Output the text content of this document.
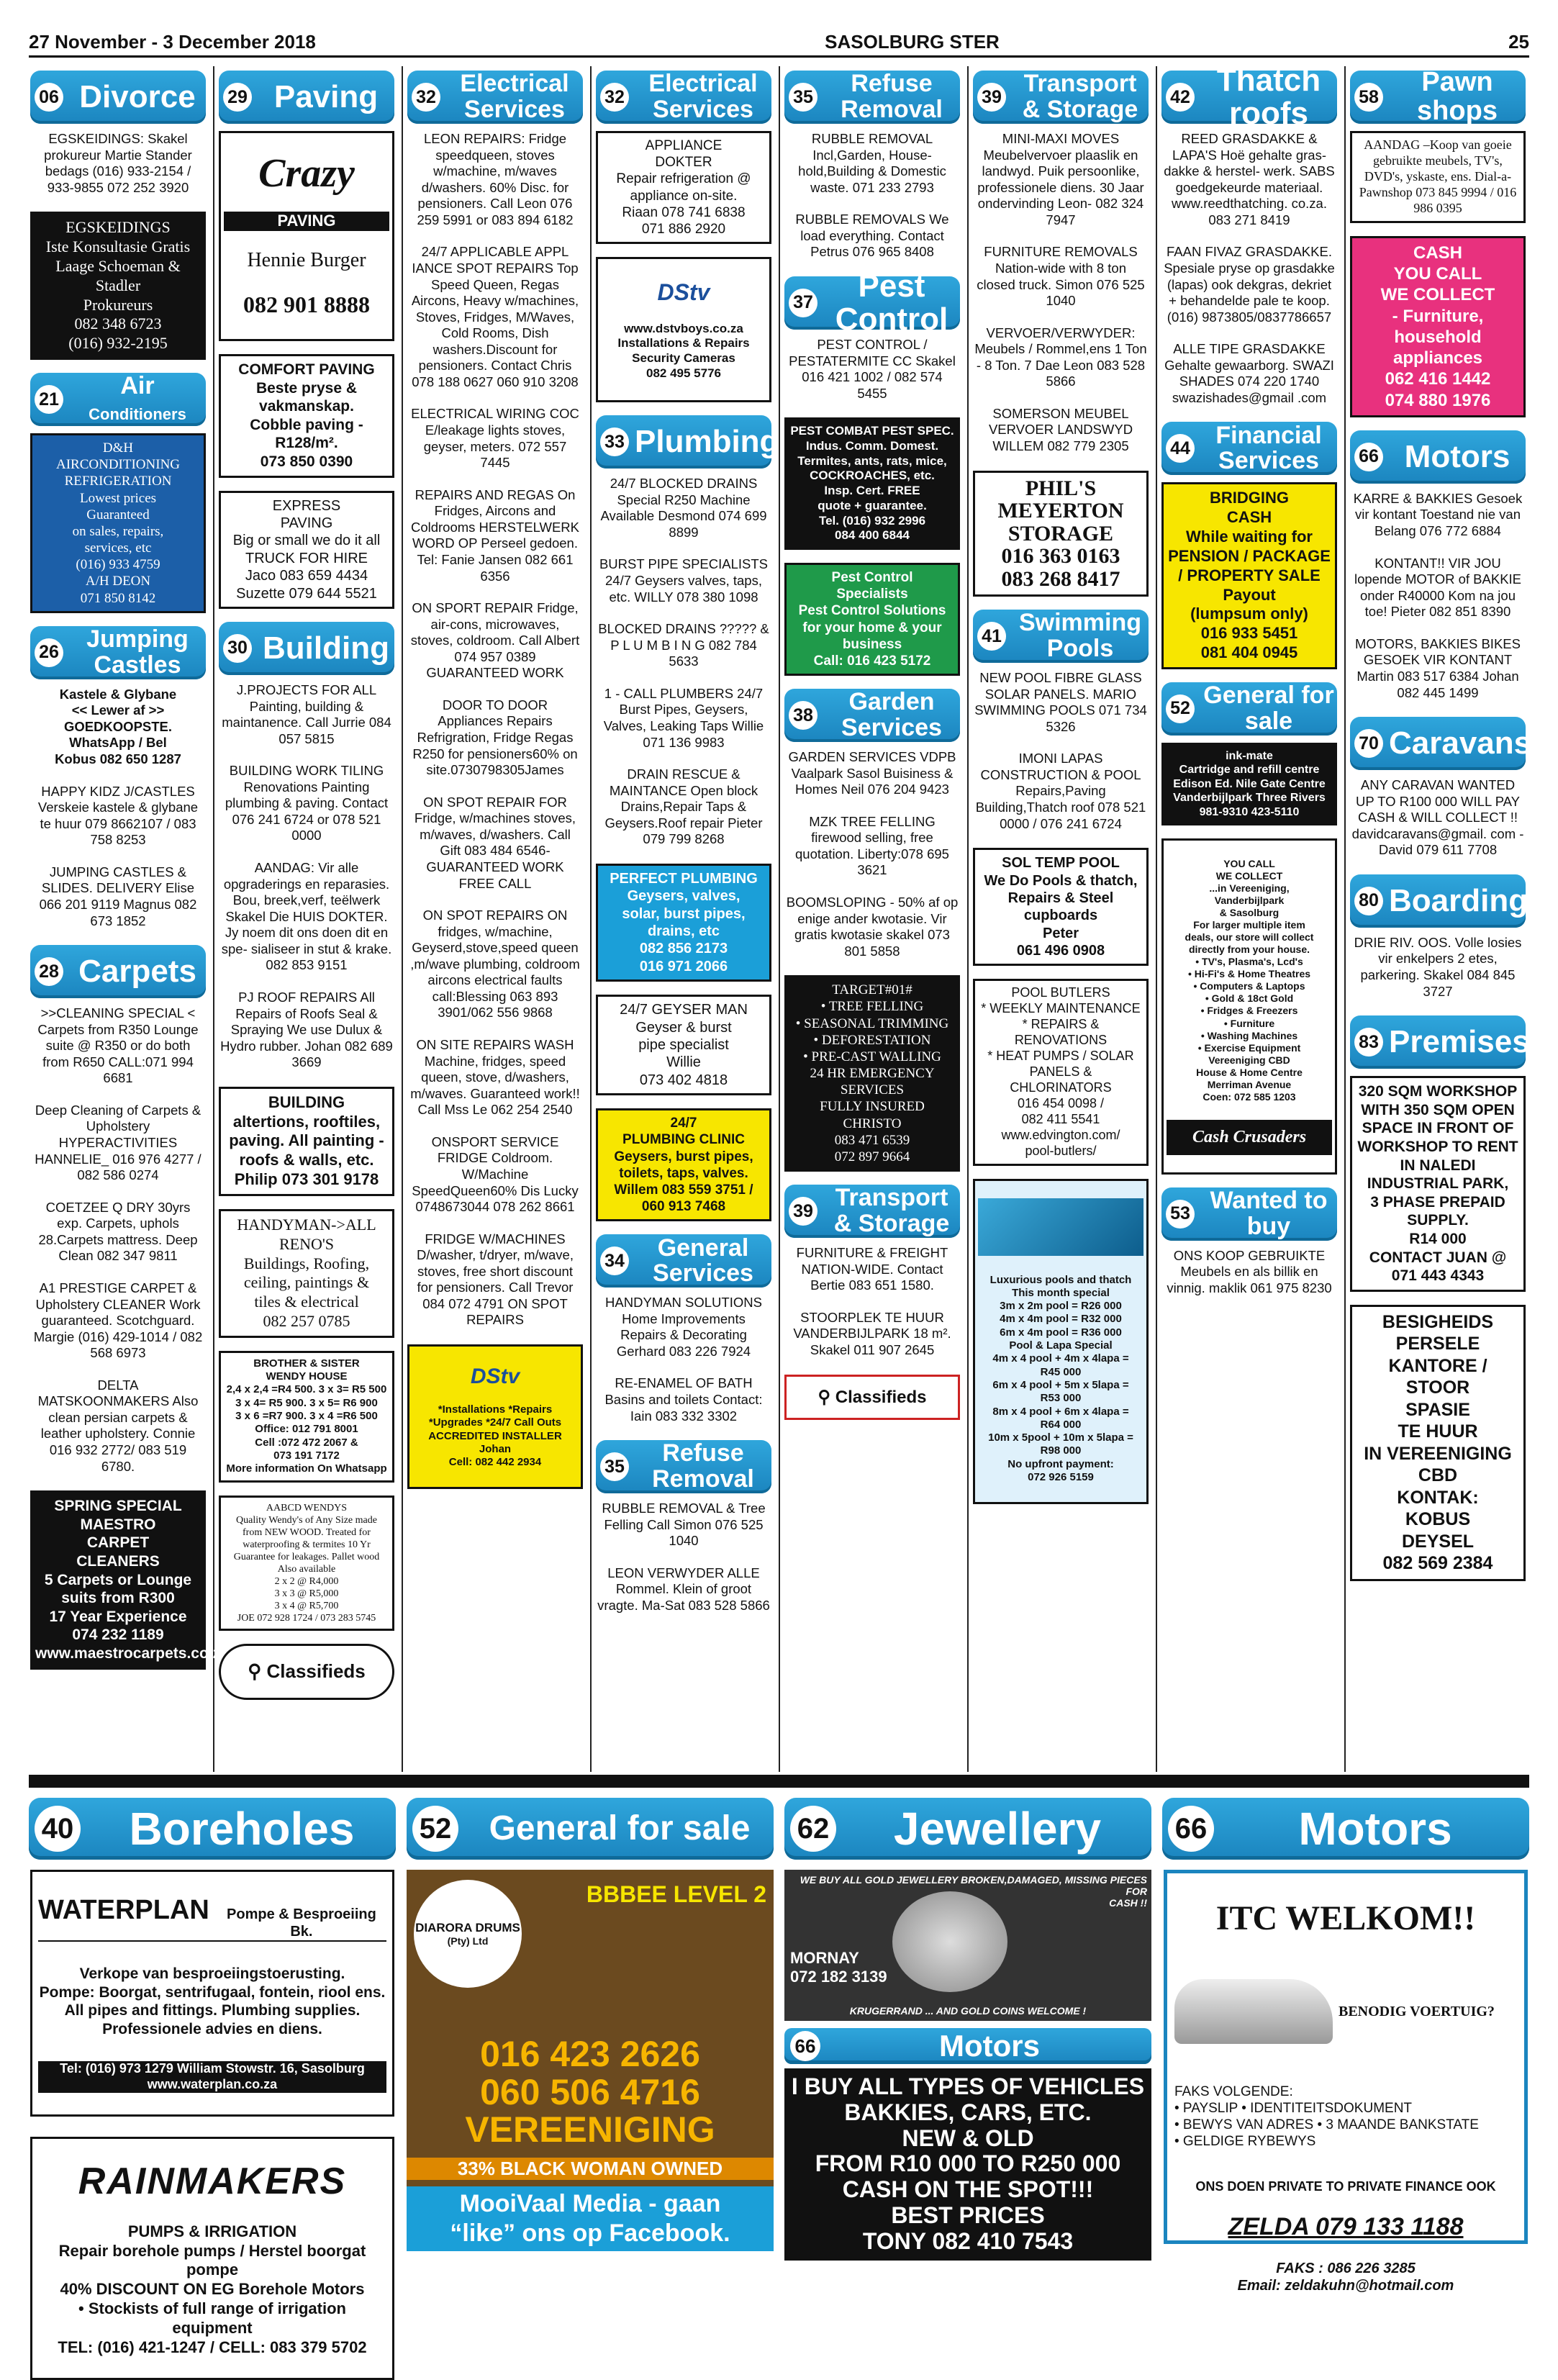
27 November - 3 December 2018	SASOLBURG STER	25
06 Divorce
EGSKEIDINGS: Skakel prokureur Martie Stander bedags (016) 933-2154 / 933-9855 072 252 3920
EGSKEIDINGS
Iste Konsultasie Gratis
Laage Schoeman &
Stadler
Prokureurs
082 348 6723
(016) 932-2195
21	Air
Conditioners
D&H
AIRCONDITIONING
REFRIGERATION
Lowest prices
Guaranteed
on sales, repairs,
services, etc
(016) 933 4759
A/H DEON
071 850 8142
26	Jumping Castles
Kastele & Glybane
<< Lewer af >>
GOEDKOOPSTE.
WhatsApp / Bel
Kobus 082 650 1287
HAPPY KIDZ J/CASTLES Verskeie kastele & glybane te huur 079 8662107 / 083 758 8253
JUMPING CASTLES & SLIDES. DELIVERY Elise 066 201 9119 Magnus 082 673 1852
28 Carpets
>>CLEANING SPECIAL < Carpets from R350 Lounge suite @ R350 or do both from R650 CALL:071 994 6681
Deep Cleaning of Carpets & Upholstery HYPERACTIVITIES HANNELIE_ 016 976 4277 / 082 586 0274
COETZEE Q DRY 30yrs exp. Carpets, uphols 28.Carpets mattress. Deep Clean 082 347 9811
A1 PRESTIGE CARPET & Upholstery CLEANER Work guaranteed. Scotchguard. Margie (016) 429-1014 / 082 568 6973
DELTA MATSKOONMAKERS Also clean persian carpets & leather upholstery. Connie 016 932 2772/ 083 519 6780.
SPRING SPECIAL
MAESTRO
CARPET
CLEANERS
5 Carpets or Lounge
suits from R300
17 Year Experience
074 232 1189
www.maestrocarpets.co.za
29 Paving

Crazy

PAVING

Hennie Burger

082 901 8888

COMFORT PAVING
Beste pryse &
vakmanskap.
Cobble paving - R128/m².
073 850 0390
EXPRESS
PAVING
Big or small we do it all
TRUCK FOR HIRE
Jaco 083 659 4434
Suzette 079 644 5521
30 Building
J.PROJECTS FOR ALL Painting, building & maintanence. Call Jurrie 084 057 5815
BUILDING WORK TILING Renovations Painting plumbing & paving. Contact 076 241 6724 or 078 521 0000
AANDAG: Vir alle opgraderings en reparasies. Bou, breek,verf, teëlwerk Skakel Die HUIS DOKTER. Jy noem dit ons doen dit en spe- sialiseer in stut & krake. 082 853 9151
PJ ROOF REPAIRS All Repairs of Roofs Seal & Spraying We use Dulux & Hydro rubber. Johan 082 689 3669
BUILDING
altertions, rooftiles,
paving. All painting -
roofs & walls, etc.
Philip 073 301 9178
HANDYMAN->ALL RENO'S
Buildings, Roofing,
ceiling, paintings &
tiles & electrical
082 257 0785
BROTHER & SISTER
WENDY HOUSE
2,4 x 2,4 =R4 500. 3 x 3= R5 500
3 x 4= R5 900. 3 x 5= R6 900
3 x 6 =R7 900. 3 x 4 =R6 500
Office: 012 791 8001
Cell :072 472 2067 &
073 191 7172
More information On Whatsapp
AABCD WENDYS
Quality Wendy's of Any Size made
from NEW WOOD. Treated for
waterproofing & termites 10 Yr
Guarantee for leakages. Pallet wood
Also available
2 x 2 @ R4,000
3 x 3 @ R5,000
3 x 4 @ R5,700
JOE 072 928 1724 / 073 283 5745
⚲ Classifieds
32 Electrical Services
LEON REPAIRS: Fridge speedqueen, stoves w/machine, m/waves d/washers. 60% Disc. for pensioners. Call Leon 076 259 5991 or 083 894 6182
24/7 APPLICABLE APPL IANCE SPOT REPAIRS Top Speed Queen, Regas Aircons, Heavy w/machines, Stoves, Fridges, M/Waves, Cold Rooms, Dish washers.Discount for pensioners. Contact Chris 078 188 0627 060 910 3208
ELECTRICAL WIRING COC E/leakage lights stoves, geyser, meters. 072 557 7445
REPAIRS AND REGAS On Fridges, Aircons and Coldrooms HERSTELWERK WORD OP Perseel gedoen. Tel: Fanie Jansen 082 661 6356
ON SPORT REPAIR Fridge, air-cons, microwaves, stoves, coldroom. Call Albert 074 957 0389 GUARANTEED WORK
DOOR TO DOOR Appliances Repairs Refrigration, Fridge Regas R250 for pensioners60% on site.0730798305James
ON SPOT REPAIR FOR Fridge, w/machines stoves, m/waves, d/washers. Call Gift 083 484 6546- GUARANTEED WORK FREE CALL
ON SPOT REPAIRS ON fridges, w/machine, Geyserd,stove,speed queen ,m/wave plumbing, coldroom aircons electrical faults call:Blessing 063 893 3901/062 556 9868
ON SITE REPAIRS WASH Machine, fridges, speed queen, stove, d/washers, m/waves. Guaranteed work!! Call Mss Le 062 254 2540
ONSPORT SERVICE FRIDGE Coldroom. W/Machine SpeedQueen60% Dis Lucky 0748673044 078 262 8661
FRIDGE W/MACHINES D/washer, t/dryer, m/wave, stoves, free short discount for pensioners. Call Trevor 084 072 4791 ON SPOT REPAIRS

DStv

*Installations *Repairs
*Upgrades *24/7 Call Outs
ACCREDITED INSTALLER
Johan
Cell: 082 442 2934

32 Electrical Services
APPLIANCE
DOKTER
Repair refrigeration @
appliance on-site.
Riaan 078 741 6838
071 886 2920

DStv

www.dstvboys.co.za
Installations & Repairs
Security Cameras
082 495 5776

33 Plumbing
24/7 BLOCKED DRAINS Special R250 Machine Available Desmond 074 699 8899
BURST PIPE SPECIALISTS 24/7 Geysers valves, taps, etc. WILLY 078 380 1098
BLOCKED DRAINS ????? & P L U M B I N G 082 784 5633
1 - CALL PLUMBERS 24/7 Burst Pipes, Geysers, Valves, Leaking Taps Willie 071 136 9983
DRAIN RESCUE & MAINTANCE Open block Drains,Repair Taps & Geysers.Roof repair Pieter 079 799 8268
PERFECT PLUMBING
Geysers, valves,
solar, burst pipes,
drains, etc
082 856 2173
016 971 2066
24/7 GEYSER MAN
Geyser & burst
pipe specialist
Willie
073 402 4818
24/7
PLUMBING CLINIC
Geysers, burst pipes,
toilets, taps, valves.
Willem 083 559 3751 / 060 913 7468
34	General Services
HANDYMAN SOLUTIONS Home Improvements Repairs & Decorating Gerhard 083 226 7924
RE-ENAMEL OF BATH Basins and toilets Contact: Iain 083 332 3302
35	Refuse Removal
RUBBLE REMOVAL & Tree Felling Call Simon 076 525 1040
LEON VERWYDER ALLE Rommel. Klein of groot vragte. Ma-Sat 083 528 5866
35	Refuse Removal
RUBBLE REMOVAL Incl,Garden, House- hold,Building & Domestic waste. 071 233 2793
RUBBLE REMOVALS We load everything. Contact Petrus 076 965 8408
37	Pest Control
PEST CONTROL / PESTATERMITE CC Skakel 016 421 1002 / 082 574 5455
PEST COMBAT PEST SPEC.
Indus. Comm. Domest.
Termites, ants, rats, mice,
COCKROACHES, etc.
Insp. Cert. FREE
quote + guarantee.
Tel. (016) 932 2996
084 400 6844
Pest Control
Specialists
Pest Control Solutions
for your home & your
business
Call: 016 423 5172
38	Garden Services
GARDEN SERVICES VDPB Vaalpark Sasol Buisiness & Homes Neil 076 204 9423
MZK TREE FELLING firewood selling, free quotation. Liberty:078 695 3621
BOOMSLOPING - 50% af op enige ander kwotasie. Vir gratis kwotasie skakel 073 801 5858
TARGET#01#
• TREE FELLING
• SEASONAL TRIMMING
• DEFORESTATION
• PRE-CAST WALLING
24 HR EMERGENCY SERVICES
FULLY INSURED
CHRISTO
083 471 6539
072 897 9664
39 Transport & Storage
FURNITURE & FREIGHT NATION-WIDE. Contact Bertie 083 651 1580.
STOORPLEK TE HUUR VANDERBIJLPARK 18 m². Skakel 011 907 2645
⚲ Classifieds
39 Transport & Storage
MINI-MAXI MOVES Meubelvervoer plaaslik en landwyd. Puik persoonlike, professionele diens. 30 Jaar ondervinding Leon- 082 324 7947
FURNITURE REMOVALS Nation-wide with 8 ton closed truck. Simon 076 525 1040
VERVOER/VERWYDER: Meubels / Rommel,ens 1 Ton - 8 Ton. 7 Dae Leon 083 528 5866
SOMERSON MEUBEL VERVOER LANDSWYD WILLEM 082 779 2305
PHIL'S
MEYERTON STORAGE
016 363 0163
083 268 8417
41 Swimming Pools
NEW POOL FIBRE GLASS SOLAR PANELS. MARIO SWIMMING POOLS 071 734 5326
IMONI LAPAS CONSTRUCTION & POOL Repairs,Paving Building,Thatch roof 078 521 0000 / 076 241 6724
SOL TEMP POOL
We Do Pools & thatch,
Repairs & Steel cupboards
Peter
061 496 0908
POOL BUTLERS
* WEEKLY MAINTENANCE
* REPAIRS &
RENOVATIONS
* HEAT PUMPS / SOLAR
PANELS & CHLORINATORS
016 454 0098 /
082 411 5541
www.edvington.com/
pool-butlers/

Luxurious pools and thatch
This month special
3m x 2m pool = R26 000
4m x 4m pool = R32 000
6m x 4m pool = R36 000
Pool & Lapa Special
4m x 4 pool + 4m x 4lapa =
R45 000
6m x 4 pool + 5m x 5lapa =
R53 000
8m x 4 pool + 6m x 4lapa =
R64 000
10m x 5pool + 10m x 5lapa =
R98 000
No upfront payment:
072 926 5159

42 Thatch roofs
REED GRASDAKKE & LAPA'S Hoë gehalte gras- dakke & herstel- werk. SABS goedgekeurde materiaal. www.reedthatching. co.za. 083 271 8419
FAAN FIVAZ GRASDAKKE. Spesiale pryse op grasdakke (lapas) ook dekgras, dekriet + behandelde pale te koop. (016) 9873805/0837786657
ALLE TIPE GRASDAKKE Gehalte gewaarborg. SWAZI SHADES 074 220 1740 swazishades@gmail .com
44	Financial Services
BRIDGING
CASH
While waiting for
PENSION / PACKAGE
/ PROPERTY SALE
Payout
(lumpsum only)
016 933 5451
081 404 0945
52 General for sale
ink-mate
Cartridge and refill centre
Edison Ed. Nile Gate Centre
Vanderbijlpark Three Rivers
981-9310 423-5110

YOU CALL
WE COLLECT
...in Vereeniging,
Vanderbijlpark
& Sasolburg
For larger multiple item
deals, our store will collect
directly from your house.
• TV's, Plasma's, Lcd's
• Hi-Fi's & Home Theatres
• Computers & Laptops
• Gold & 18ct Gold
• Fridges & Freezers
• Furniture
• Washing Machines
• Exercise Equipment
Vereeniging CBD
House & Home Centre
Merriman Avenue
Coen: 072 585 1203

Cash Crusaders

53 Wanted to buy
ONS KOOP GEBRUIKTE Meubels en als billik en vinnig. maklik 061 975 8230
58	Pawn shops
AANDAG –Koop van goeie gebruikte meubels, TV's, DVD's, yskaste, ens. Dial-a-Pawnshop 073 845 9994 / 016 986 0395
CASH
YOU CALL
WE COLLECT
- Furniture,
household
appliances
062 416 1442
074 880 1976
66 Motors
KARRE & BAKKIES Gesoek vir kontant Toestand nie van Belang 076 772 6884
KONTANT!! VIR JOU lopende MOTOR of BAKKIE onder R40000 Kom na jou toe! Pieter 082 851 8390
MOTORS, BAKKIES BIKES GESOEK VIR KONTANT Martin 083 517 6384 Johan 082 445 1499
70 Caravans
ANY CARAVAN WANTED UP TO R100 000 WILL PAY CASH & WILL COLLECT !! davidcaravans@gmail. com -David 079 611 7708
80 Boarding
DRIE RIV. OOS. Volle losies vir enkelpers 2 etes, parkering. Skakel 084 845 3727
83 Premises
320 SQM WORKSHOP
WITH 350 SQM OPEN
SPACE IN FRONT OF
WORKSHOP TO RENT
IN NALEDI
INDUSTRIAL PARK,
3 PHASE PREPAID
SUPPLY.
R14 000
CONTACT JUAN @
071 443 4343
BESIGHEIDS
PERSELE
KANTORE / STOOR
SPASIE
TE HUUR
IN VEREENIGING
CBD
KONTAK:
KOBUS
DEYSEL
082 569 2384
40	Boreholes

WATERPLAN	Pompe & Besproeiing Bk.

Verkope van besproeiingstoerusting.
Pompe: Boorgat, sentrifugaal, fontein, riool ens.
All pipes and fittings. Plumbing supplies.
Professionele advies en diens.

Tel: (016) 973 1279 William Stowstr. 16, Sasolburg
www.waterplan.co.za

RAINMAKERS

PUMPS & IRRIGATION
Repair borehole pumps / Herstel boorgat pompe
40% DISCOUNT ON EG Borehole Motors
• Stockists of full range of irrigation equipment
TEL: (016) 421-1247 / CELL: 083 379 5702

52	General for sale
DIARORA DRUMS
(Pty) Ltd
BBBEE LEVEL 2
016 423 2626
060 506 4716
VEREENIGING
33% BLACK WOMAN OWNED
MooiVaal Media - gaan
“like” ons op Facebook.
62	Jewellery
WE BUY ALL GOLD JEWELLERY BROKEN,DAMAGED, MISSING PIECES FOR
CASH !!
MORNAY
072 182 3139
KRUGERRAND ... AND GOLD COINS WELCOME !
66	Motors
I BUY ALL TYPES OF VEHICLES
BAKKIES, CARS, ETC.
NEW & OLD
FROM R10 000 TO R250 000
CASH ON THE SPOT!!!
BEST PRICES
TONY 082 410 7543
66	Motors

ITC WELKOM!!

BENODIG VOERTUIG?

FAKS VOLGENDE:
• PAYSLIP • IDENTITEITSDOKUMENT
• BEWYS VAN ADRES • 3 MAANDE BANKSTATE
• GELDIGE RYBEWYS

ONS DOEN PRIVATE TO PRIVATE FINANCE OOK

ZELDA 079 133 1188

FAKS : 086 226 3285
Email: zeldakuhn@hotmail.com
